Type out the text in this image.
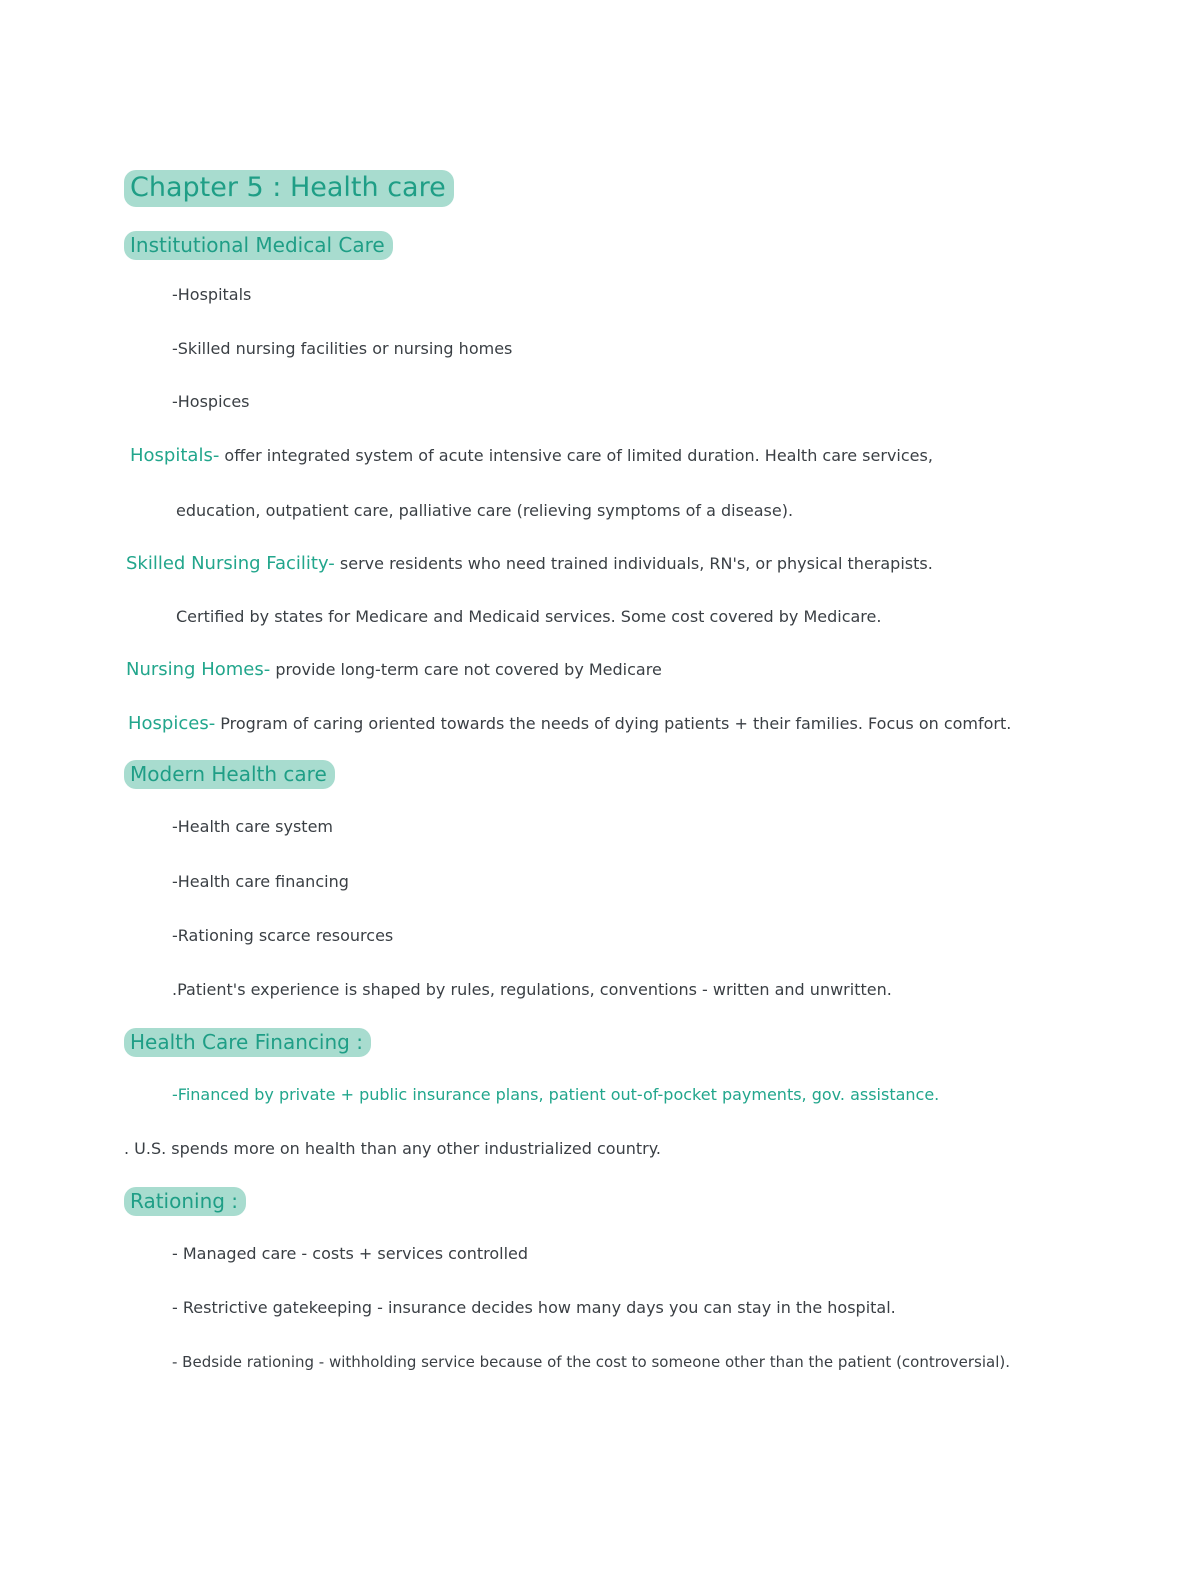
Chapter 5 : Health care
Institutional Medical Care
-Hospitals
-Skilled nursing facilities or nursing homes
-Hospices
Hospitals- offer integrated system of acute intensive care of limited duration. Health care services,
education, outpatient care, palliative care (relieving symptoms of a disease).
Skilled Nursing Facility- serve residents who need trained individuals, RN's, or physical therapists.
Certified by states for Medicare and Medicaid services. Some cost covered by Medicare.
Nursing Homes- provide long-term care not covered by Medicare
Hospices- Program of caring oriented towards the needs of dying patients + their families. Focus on comfort.
Modern Health care
-Health care system
-Health care financing
-Rationing scarce resources
.Patient's experience is shaped by rules, regulations, conventions - written and unwritten.
Health Care Financing :
-Financed by private + public insurance plans, patient out-of-pocket payments, gov. assistance.
. U.S. spends more on health than any other industrialized country.
Rationing :
- Managed care - costs + services controlled
- Restrictive gatekeeping - insurance decides how many days you can stay in the hospital.
- Bedside rationing - withholding service because of the cost to someone other than the patient (controversial).
